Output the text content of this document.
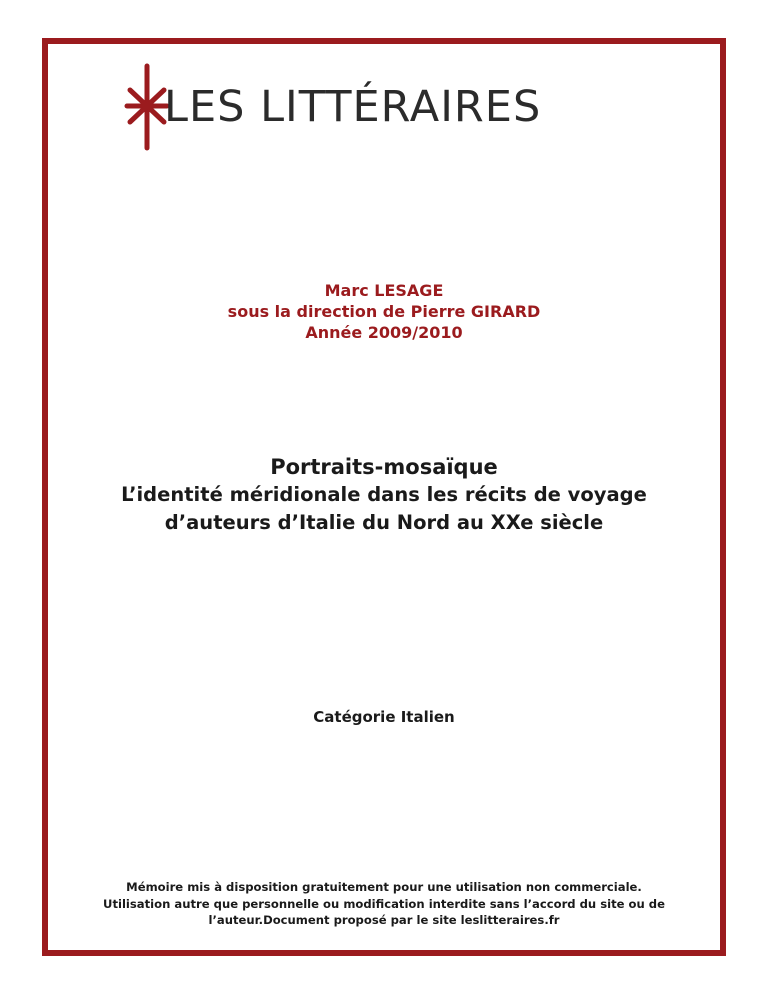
LES LITTÉRAIRES
Marc LESAGE
sous la direction de Pierre GIRARD
Année 2009/2010
Portraits-mosaïque
L’identité méridionale dans les récits de voyage
d’auteurs d’Italie du Nord au XXe siècle
Catégorie Italien
Mémoire mis à disposition gratuitement pour une utilisation non commerciale.
Utilisation autre que personnelle ou modification interdite sans l’accord du site ou de
l’auteur.Document proposé par le site leslitteraires.fr
